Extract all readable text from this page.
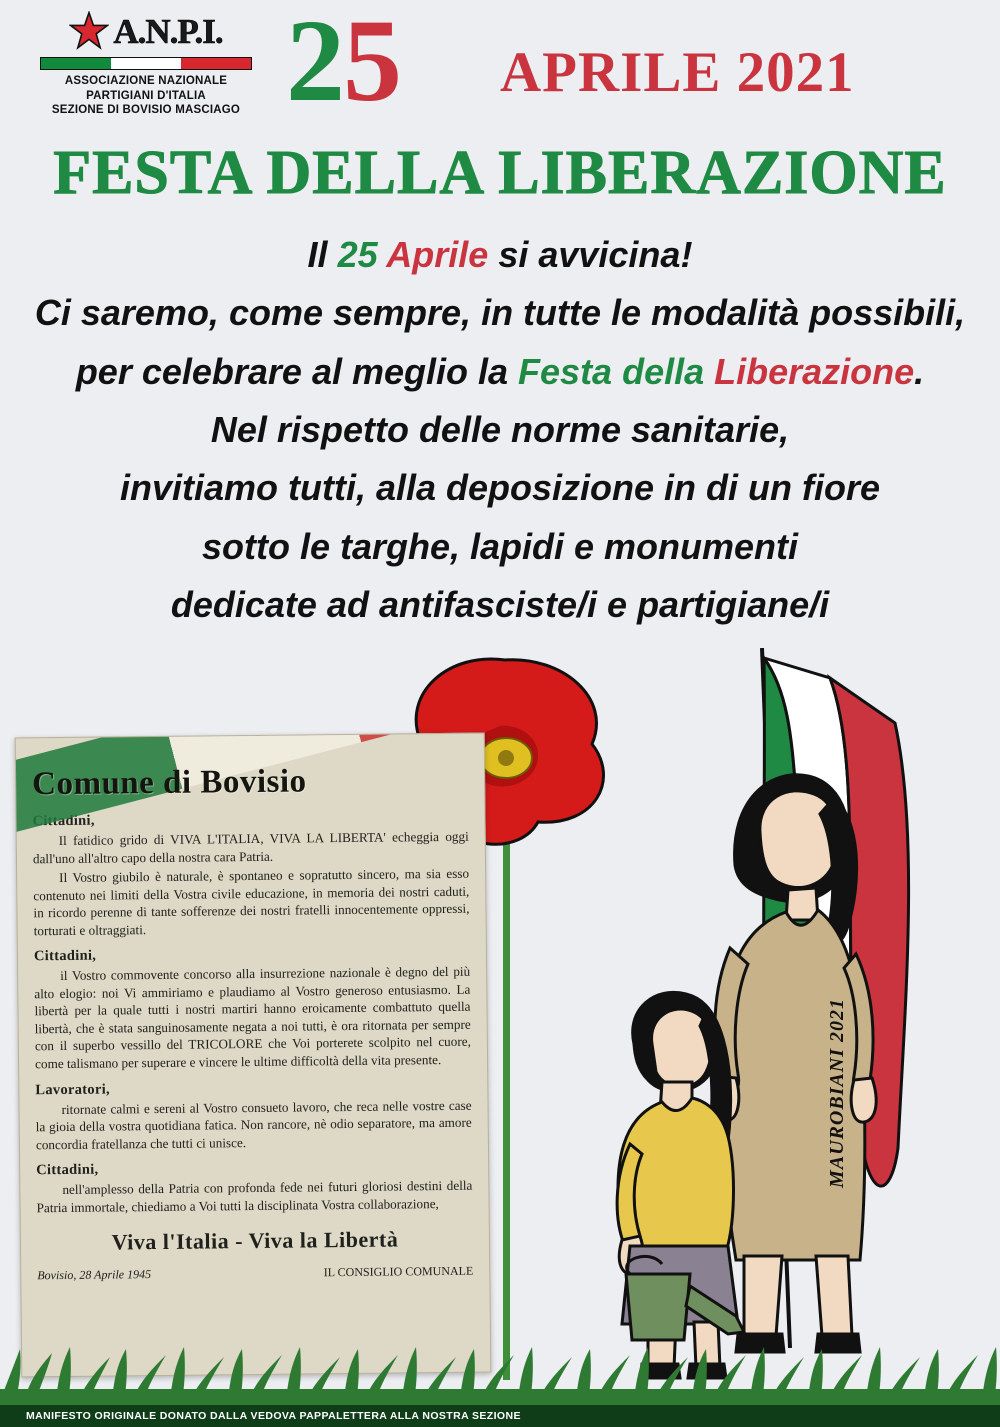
A.N.P.I.
ASSOCIAZIONE NAZIONALE
PARTIGIANI D'ITALIA
SEZIONE DI BOVISIO MASCIAGO 25 APRILE 2021
FESTA DELLA LIBERAZIONE
Il 25 Aprile si avvicina!
Ci saremo, come sempre, in tutte le modalità possibili,
per celebrare al meglio la Festa della Liberazione.
Nel rispetto delle norme sanitarie,
invitiamo tutti, alla deposizione in di un fiore
sotto le targhe, lapidi e monumenti
dedicate ad antifasciste/i e partigiane/i
Comune di Bovisio
Cittadini,

Il fatidico grido di VIVA L'ITALIA, VIVA LA LIBERTA' echeggia oggi dall'uno all'altro capo della nostra cara Patria.

Il Vostro giubilo è naturale, è spontaneo e sopratutto sincero, ma sia esso contenuto nei limiti della Vostra civile educazione, in memoria dei nostri caduti, in ricordo perenne di tante sofferenze dei nostri fratelli innocentemente oppressi, torturati e oltraggiati.

Cittadini,

il Vostro commovente concorso alla insurrezione nazionale è degno del più alto elogio: noi Vi ammiriamo e plaudiamo al Vostro generoso entusiasmo. La libertà per la quale tutti i nostri martiri hanno eroicamente combattuto quella libertà, che è stata sanguinosamente negata a noi tutti, è ora ritornata per sempre con il superbo vessillo del TRICOLORE che Voi porterete scolpito nel cuore, come talismano per superare e vincere le ultime difficoltà della vita presente.

Lavoratori,

ritornate calmi e sereni al Vostro consueto lavoro, che reca nelle vostre case la gioia della vostra quotidiana fatica. Non rancore, nè odio separatore, ma amore concordia fratellanza che tutti ci unisce.

Cittadini,

nell'amplesso della Patria con profonda fede nei futuri gloriosi destini della Patria immortale, chiediamo a Voi tutti la disciplinata Vostra collaborazione,

Viva l'Italia - Viva la Libertà
Bovisio, 28 Aprile 1945	IL CONSIGLIO COMUNALE
MAUROBIANI 2021
MANIFESTO ORIGINALE DONATO DALLA VEDOVA PAPPALETTERA ALLA NOSTRA SEZIONE
